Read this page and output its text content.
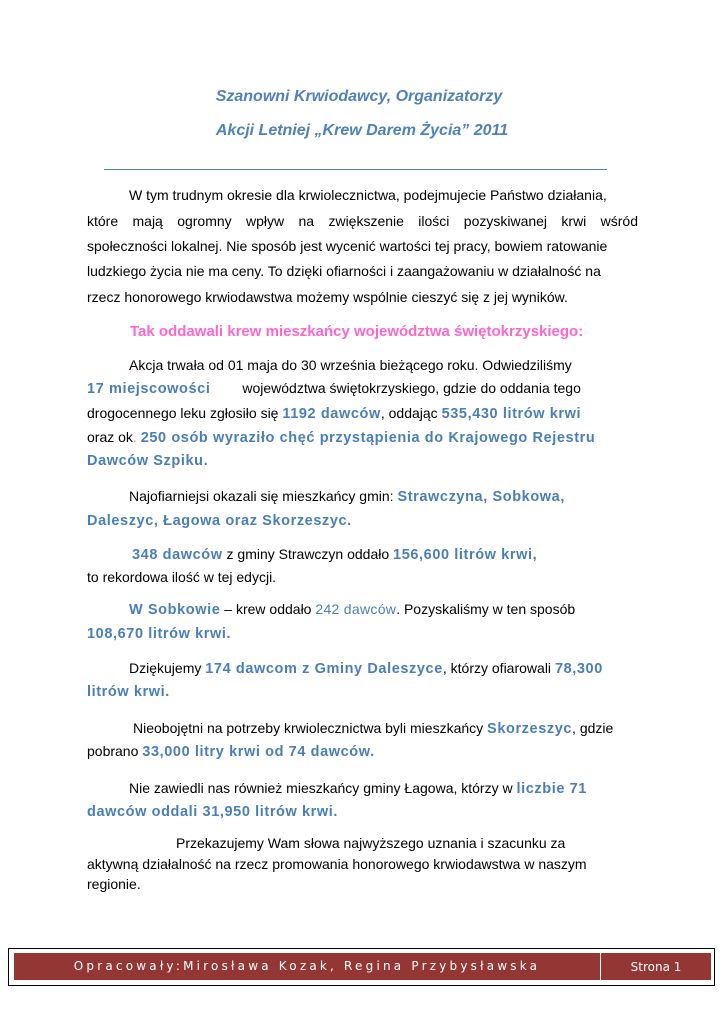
Szanowni Krwiodawcy, Organizatorzy
Akcji Letniej „Krew Darem Życia” 2011
W tym trudnym okresie dla krwiolecznictwa, podejmujecie Państwo działania,
które mają ogromny wpływ na zwiększenie ilości pozyskiwanej krwi wśród
społeczności lokalnej. Nie sposób jest wycenić wartości tej pracy, bowiem ratowanie
ludzkiego życia nie ma ceny. To dzięki ofiarności i zaangażowaniu w działalność na
rzecz honorowego krwiodawstwa możemy wspólnie cieszyć się z jej wyników.
Tak oddawali krew mieszkańcy województwa świętokrzyskiego:
Akcja trwała od 01 maja do 30 września bieżącego roku. Odwiedziliśmy
17 miejscowości województwa świętokrzyskiego, gdzie do oddania tego
drogocennego leku zgłosiło się 1192 dawców, oddając 535,430 litrów krwi
oraz ok. 250 osób wyraziło chęć przystąpienia do Krajowego Rejestru
Dawców Szpiku.
Najofiarniejsi okazali się mieszkańcy gmin: Strawczyna, Sobkowa,
Daleszyc, Łagowa oraz Skorzeszyc.
348 dawców z gminy Strawczyn oddało 156,600 litrów krwi,
to rekordowa ilość w tej edycji.
W Sobkowie – krew oddało 242 dawców. Pozyskaliśmy w ten sposób
108,670 litrów krwi.
Dziękujemy 174 dawcom z Gminy Daleszyce, którzy ofiarowali 78,300
litrów krwi.
Nieobojętni na potrzeby krwiolecznictwa byli mieszkańcy Skorzeszyc, gdzie
pobrano 33,000 litry krwi od 74 dawców.
Nie zawiedli nas również mieszkańcy gminy Łagowa, którzy w liczbie 71
dawców oddali 31,950 litrów krwi.
Przekazujemy Wam słowa najwyższego uznania i szacunku za
aktywną działalność na rzecz promowania honorowego krwiodawstwa w naszym
regionie.
Opracowały:Mirosława Kozak, Regina Przybysławska	Strona 1
